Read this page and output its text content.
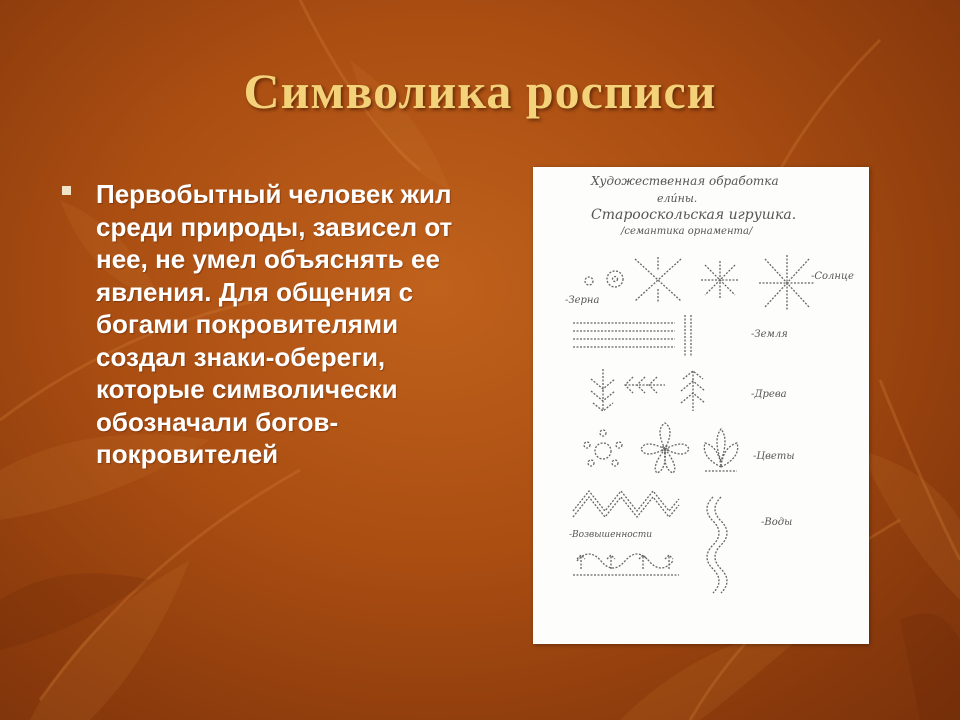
Символика росписи
Первобытный человек жил среди природы, зависел от нее, не умел объяснять ее явления. Для общения с богами покровителями создал знаки-обереги, которые символически обозначали богов-покровителей
Художественная обработка
ели́ны.
Старооскольская игрушка.
/семантика орнамента/
-Зерна
-Солнце
-Земля
-Древа
-Цветы
-Возвышенности
-Воды
